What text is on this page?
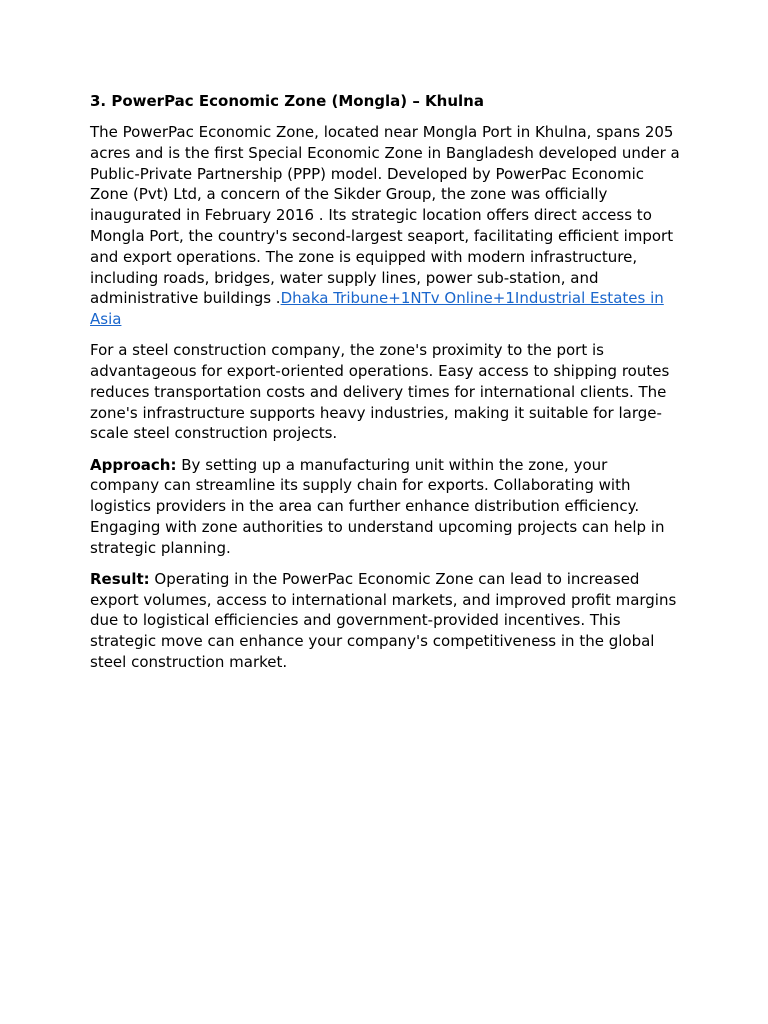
3. PowerPac Economic Zone (Mongla) – Khulna

The PowerPac Economic Zone, located near Mongla Port in Khulna, spans 205 acres and is the first Special Economic Zone in Bangladesh developed under a Public-Private Partnership (PPP) model. Developed by PowerPac Economic Zone (Pvt) Ltd, a concern of the Sikder Group, the zone was officially inaugurated in February 2016 . Its strategic location offers direct access to Mongla Port, the country's second-largest seaport, facilitating efficient import and export operations. The zone is equipped with modern infrastructure, including roads, bridges, water supply lines, power sub-station, and administrative buildings .Dhaka Tribune+1NTv Online+1Industrial Estates in Asia

For a steel construction company, the zone's proximity to the port is advantageous for export-oriented operations. Easy access to shipping routes reduces transportation costs and delivery times for international clients. The zone's infrastructure supports heavy industries, making it suitable for large-scale steel construction projects.

Approach: By setting up a manufacturing unit within the zone, your company can streamline its supply chain for exports. Collaborating with logistics providers in the area can further enhance distribution efficiency. Engaging with zone authorities to understand upcoming projects can help in strategic planning.

Result: Operating in the PowerPac Economic Zone can lead to increased export volumes, access to international markets, and improved profit margins due to logistical efficiencies and government-provided incentives. This strategic move can enhance your company's competitiveness in the global steel construction market.
